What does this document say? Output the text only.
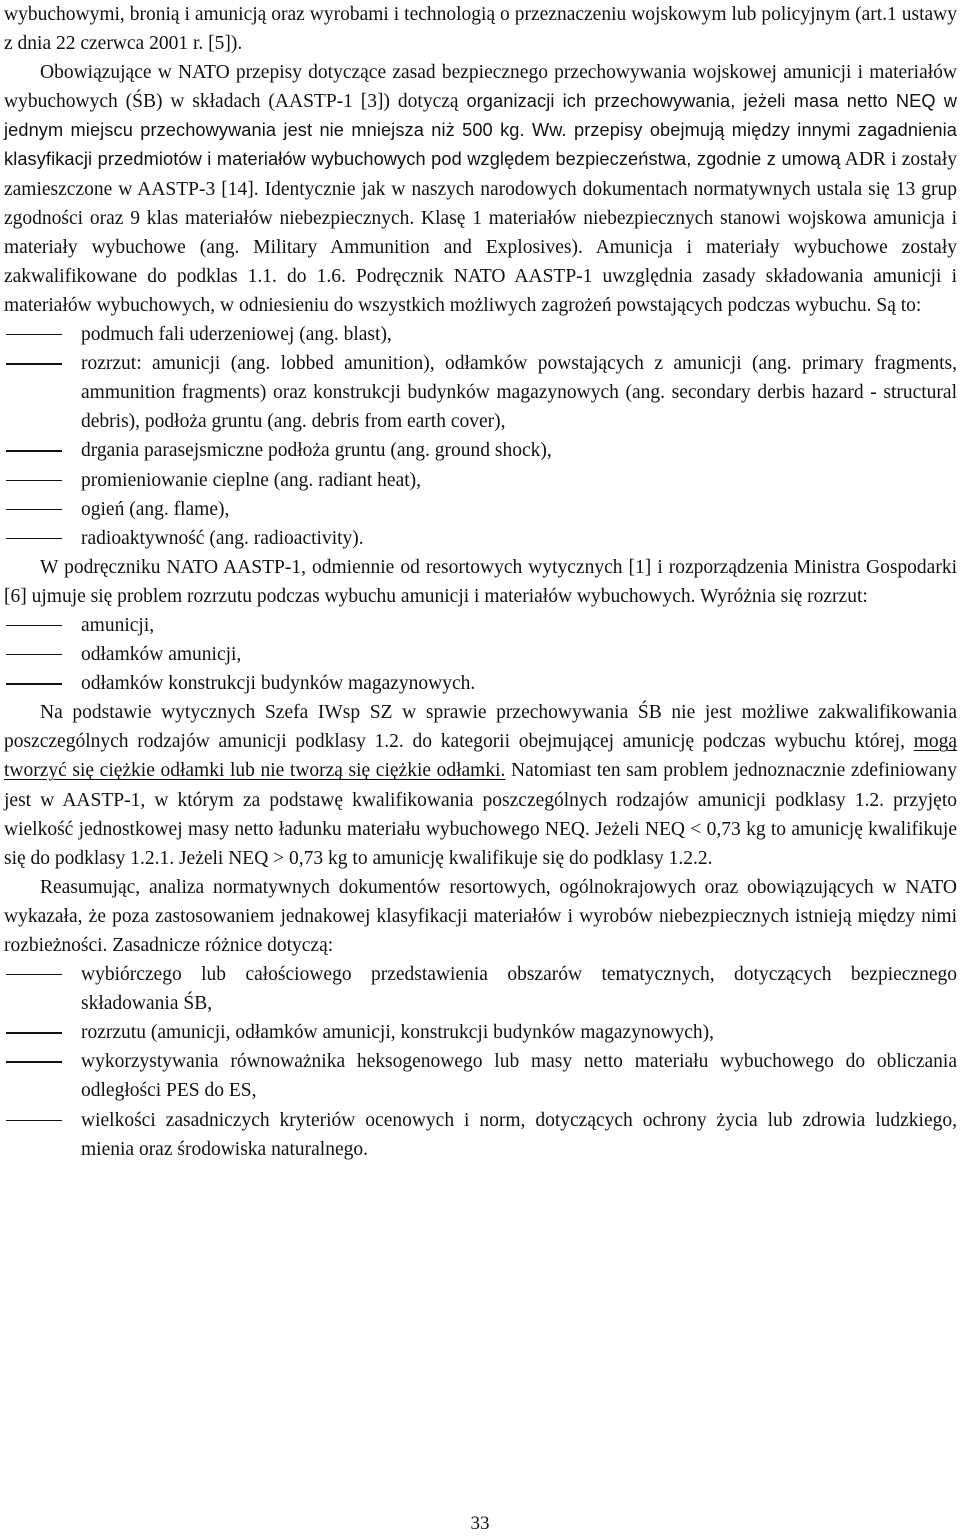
wybuchowymi, bronią i amunicją oraz wyrobami i technologią o przeznaczeniu wojskowym lub policyjnym (art.1 ustawy z dnia 22 czerwca 2001 r. [5]).

Obowiązujące w NATO przepisy dotyczące zasad bezpiecznego przechowywania wojskowej amunicji i materiałów wybuchowych (ŚB) w składach (AASTP-1 [3]) dotyczą organizacji ich przechowywania, jeżeli masa netto NEQ w jednym miejscu przechowywania jest nie mniejsza niż 500 kg. Ww. przepisy obejmują między innymi zagadnienia klasyfikacji przedmiotów i materiałów wybuchowych pod względem bezpieczeństwa, zgodnie z umową ADR i zostały zamieszczone w AASTP-3 [14]. Identycznie jak w naszych narodowych dokumentach normatywnych ustala się 13 grup zgodności oraz 9 klas materiałów niebezpiecznych. Klasę 1 materiałów niebezpiecznych stanowi wojskowa amunicja i materiały wybuchowe (ang. Military Ammunition and Explosives). Amunicja i materiały wybuchowe zostały zakwalifikowane do podklas 1.1. do 1.6. Podręcznik NATO AASTP-1 uwzględnia zasady składowania amunicji i materiałów wybuchowych, w odniesieniu do wszystkich możliwych zagrożeń powstających podczas wybuchu. Są to:

podmuch fali uderzeniowej (ang. blast),
rozrzut: amunicji (ang. lobbed amunition), odłamków powstających z amunicji (ang. primary fragments, ammunition fragments) oraz konstrukcji budynków magazynowych (ang. secondary derbis hazard - structural debris), podłoża gruntu (ang. debris from earth cover),
drgania parasejsmiczne podłoża gruntu (ang. ground shock),
promieniowanie cieplne (ang. radiant heat),
ogień (ang. flame),
radioaktywność (ang. radioactivity).

W podręczniku NATO AASTP-1, odmiennie od resortowych wytycznych [1] i rozporządzenia Ministra Gospodarki [6] ujmuje się problem rozrzutu podczas wybuchu amunicji i materiałów wybuchowych. Wyróżnia się rozrzut:

amunicji,
odłamków amunicji,
odłamków konstrukcji budynków magazynowych.

Na podstawie wytycznych Szefa IWsp SZ w sprawie przechowywania ŚB nie jest możliwe zakwalifikowania poszczególnych rodzajów amunicji podklasy 1.2. do kategorii obejmującej amunicję podczas wybuchu której, mogą tworzyć się ciężkie odłamki lub nie tworzą się ciężkie odłamki. Natomiast ten sam problem jednoznacznie zdefiniowany jest w AASTP-1, w którym za podstawę kwalifikowania poszczególnych rodzajów amunicji podklasy 1.2. przyjęto wielkość jednostkowej masy netto ładunku materiału wybuchowego NEQ. Jeżeli NEQ < 0,73 kg to amunicję kwalifikuje się do podklasy 1.2.1. Jeżeli NEQ > 0,73 kg to amunicję kwalifikuje się do podklasy 1.2.2.

Reasumując, analiza normatywnych dokumentów resortowych, ogólnokrajowych oraz obowiązujących w NATO wykazała, że poza zastosowaniem jednakowej klasyfikacji materiałów i wyrobów niebezpiecznych istnieją między nimi rozbieżności. Zasadnicze różnice dotyczą:

wybiórczego lub całościowego przedstawienia obszarów tematycznych, dotyczących bezpiecznego składowania ŚB,
rozrzutu (amunicji, odłamków amunicji, konstrukcji budynków magazynowych),
wykorzystywania równoważnika heksogenowego lub masy netto materiału wybuchowego do obliczania odległości PES do ES,
wielkości zasadniczych kryteriów ocenowych i norm, dotyczących ochrony życia lub zdrowia ludzkiego, mienia oraz środowiska naturalnego.
33
